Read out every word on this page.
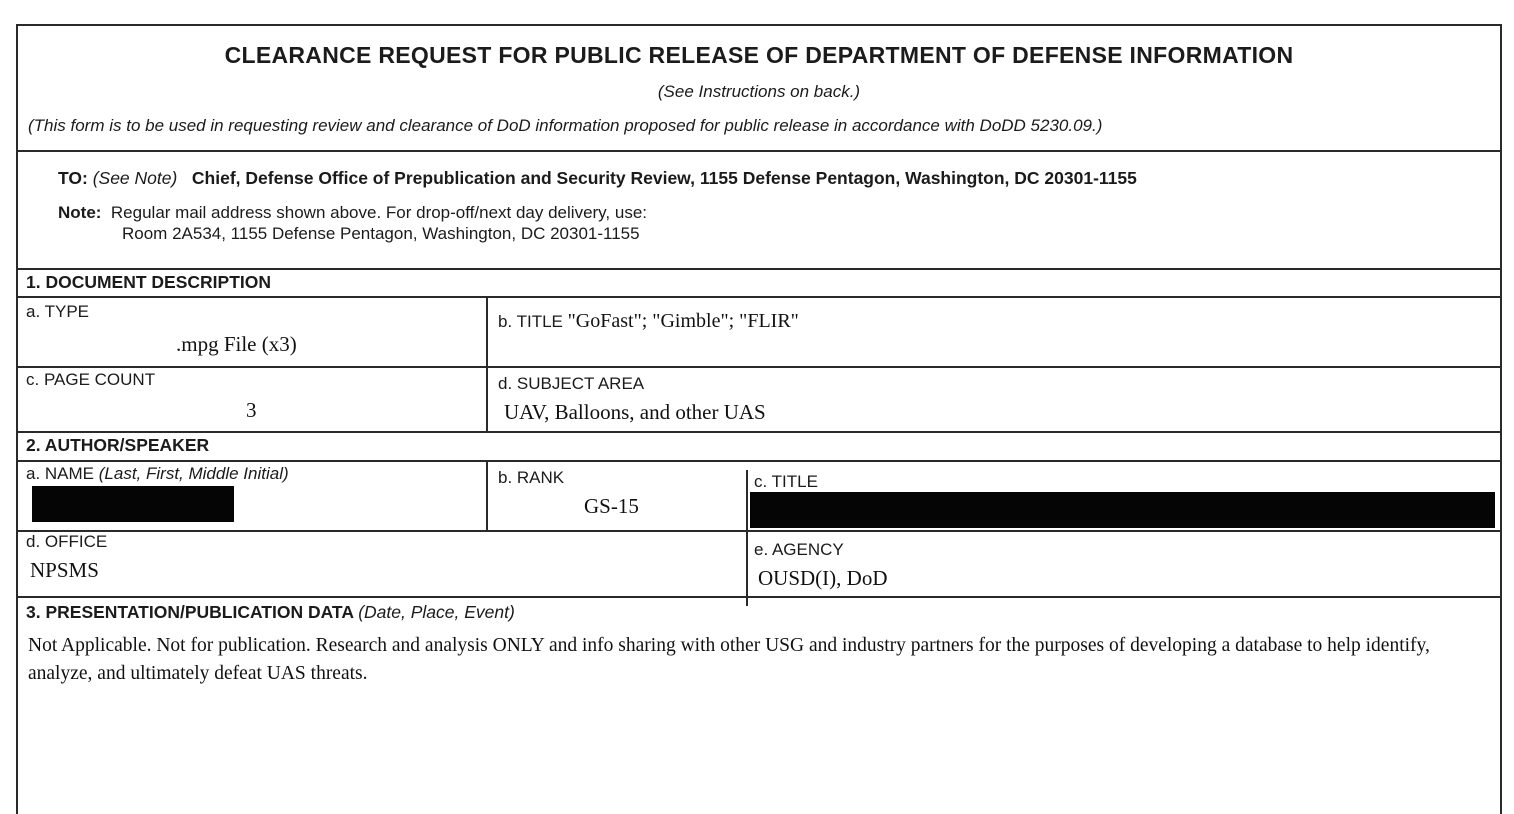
CLEARANCE REQUEST FOR PUBLIC RELEASE OF DEPARTMENT OF DEFENSE INFORMATION
(See Instructions on back.)
(This form is to be used in requesting review and clearance of DoD information proposed for public release in accordance with DoDD 5230.09.)
TO: (See Note) Chief, Defense Office of Prepublication and Security Review, 1155 Defense Pentagon, Washington, DC 20301-1155
Note: Regular mail address shown above. For drop-off/next day delivery, use:
Room 2A534, 1155 Defense Pentagon, Washington, DC 20301-1155
1. DOCUMENT DESCRIPTION
a. TYPE
.mpg File (x3)
b. TITLE "GoFast"; "Gimble"; "FLIR"
c. PAGE COUNT
3
d. SUBJECT AREA
UAV, Balloons, and other UAS
2. AUTHOR/SPEAKER
a. NAME (Last, First, Middle Initial)	b. RANK
GS-15
c. TITLE
d. OFFICE
NPSMS
e. AGENCY
OUSD(I), DoD
3. PRESENTATION/PUBLICATION DATA (Date, Place, Event)
Not Applicable. Not for publication. Research and analysis ONLY and info sharing with other USG and industry partners for the purposes of developing a database to help identify, analyze, and ultimately defeat UAS threats.
